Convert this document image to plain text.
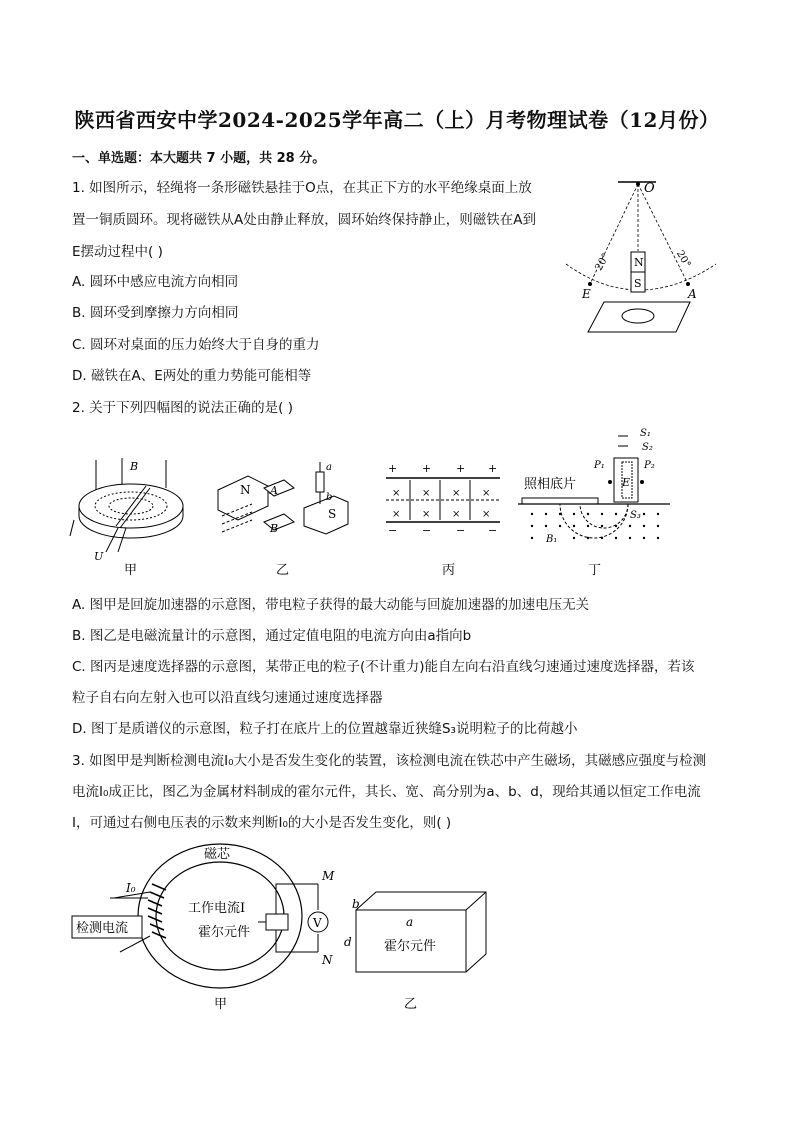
陕西省西安中学2024-2025学年高二（上）月考物理试卷（12月份）
一、单选题：本大题共 7 小题，共 28 分。
1. 如图所示，轻绳将一条形磁铁悬挂于O点，在其正下方的水平绝缘桌面上放
置一铜质圆环。现将磁铁从A处由静止释放，圆环始终保持静止，则磁铁在A到
E摆动过程中( )
A. 圆环中感应电流方向相同
B. 圆环受到摩擦力方向相同
C. 圆环对桌面的压力始终大于自身的重力
D. 磁铁在A、E两处的重力势能可能相等
O
20°	20°
N
S
E	A
2. 关于下列四幅图的说法正确的是( )
B
U
甲
N
S
A
B
a
b
乙
+ + + +
× × × ×
× × × ×
− − − −
丙
S₁
S₂
P₁	P₂
E
照相底片
S₃
B₁
丁
A. 图甲是回旋加速器的示意图，带电粒子获得的最大动能与回旋加速器的加速电压无关
B. 图乙是电磁流量计的示意图，通过定值电阻的电流方向由a指向b
C. 图丙是速度选择器的示意图，某带正电的粒子(不计重力)能自左向右沿直线匀速通过速度选择器，若该
粒子自右向左射入也可以沿直线匀速通过速度选择器
D. 图丁是质谱仪的示意图，粒子打在底片上的位置越靠近狭缝S₃说明粒子的比荷越小
3. 如图甲是判断检测电流I₀大小是否发生变化的装置，该检测电流在铁芯中产生磁场，其磁感应强度与检测
电流I₀成正比，图乙为金属材料制成的霍尔元件，其长、宽、高分别为a、b、d，现给其通以恒定工作电流
I，可通过右侧电压表的示数来判断I₀的大小是否发生变化，则( )
磁芯
I₀
检测电流
工作电流I
霍尔元件
V
M
N
甲
b
a
d 霍尔元件
乙
